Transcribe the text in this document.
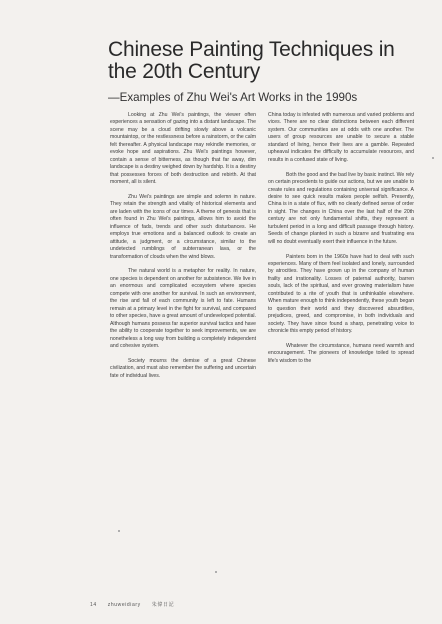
Chinese Painting Techniques in the 20th Century
—Examples of Zhu Wei's Art Works in the 1990s

Looking at Zhu Wei's paintings, the viewer often experiences a sensation of gazing into a distant landscape. The scene may be a cloud drifting slowly above a volcanic mountaintop, or the restlessness before a rainstorm, or the calm felt thereafter. A physical landscape may rekindle memories, or evoke hope and aspirations. Zhu Wei's paintings however, contain a sense of bitterness, as though that far away, dim landscape is a destiny weighed down by hardship. It is a destiny that possesses forces of both destruction and rebirth. At that moment, all is silent.

Zhu Wei's paintings are simple and solemn in nature. They retain the strength and vitality of historical elements and are laden with the icons of our times. A theme of genesis that is often found in Zhu Wei's paintings, allows him to avoid the influence of fads, trends and other such disturbances. He employs true emotions and a balanced outlook to create an attitude, a judgment, or a circumstance, similar to the undetected rumblings of subterranean lava, or the transformation of clouds when the wind blows.

The natural world is a metaphor for reality. In nature, one species is dependent on another for subsistence. We live in an enormous and complicated ecosystem where species compete with one another for survival. In such an environment, the rise and fall of each community is left to fate. Humans remain at a primary level in the fight for survival, and compared to other species, have a great amount of undeveloped potential. Although humans possess far superior survival tactics and have the ability to cooperate together to seek improvements, we are nonetheless a long way from building a completely independent and cohesive system.

Society mourns the demise of a great Chinese civilization, and must also remember the suffering and uncertain fate of individual lives.

China today is infested with numerous and varied problems and vices. There are no clear distinctions between each different system. Our communities are at odds with one another. The users of group resources are unable to secure a stable standard of living, hence their lives are a gamble. Repeated upheaval indicates the difficulty to accumulate resources, and results in a confused state of living.

Both the good and the bad live by basic instinct. We rely on certain precedents to guide our actions, but we are unable to create rules and regulations containing universal significance. A desire to see quick results makes people selfish. Presently, China is in a state of flux, with no clearly defined sense of order in sight. The changes in China over the last half of the 20th century are not only fundamental shifts, they represent a turbulent period in a long and difficult passage through history. Seeds of change planted in such a bizarre and frustrating era will no doubt eventually exert their influence in the future.

Painters born in the 1960s have had to deal with such experiences. Many of them feel isolated and lonely, surrounded by atrocities. They have grown up in the company of human frailty and irrationality. Losses of paternal authority, barren souls, lack of the spiritual, and ever growing materialism have contributed to a rite of youth that is unthinkable elsewhere. When mature enough to think independently, these youth began to question their world and they discovered absurdities, prejudices, greed, and compromise, in both individuals and society. They have since found a sharp, penetrating voice to chronicle this empty period of history.

Whatever the circumstance, humans need warmth and encouragement. The pioneers of knowledge toiled to spread life's wisdom to the

14 zhuweidiary 朱偉日記
